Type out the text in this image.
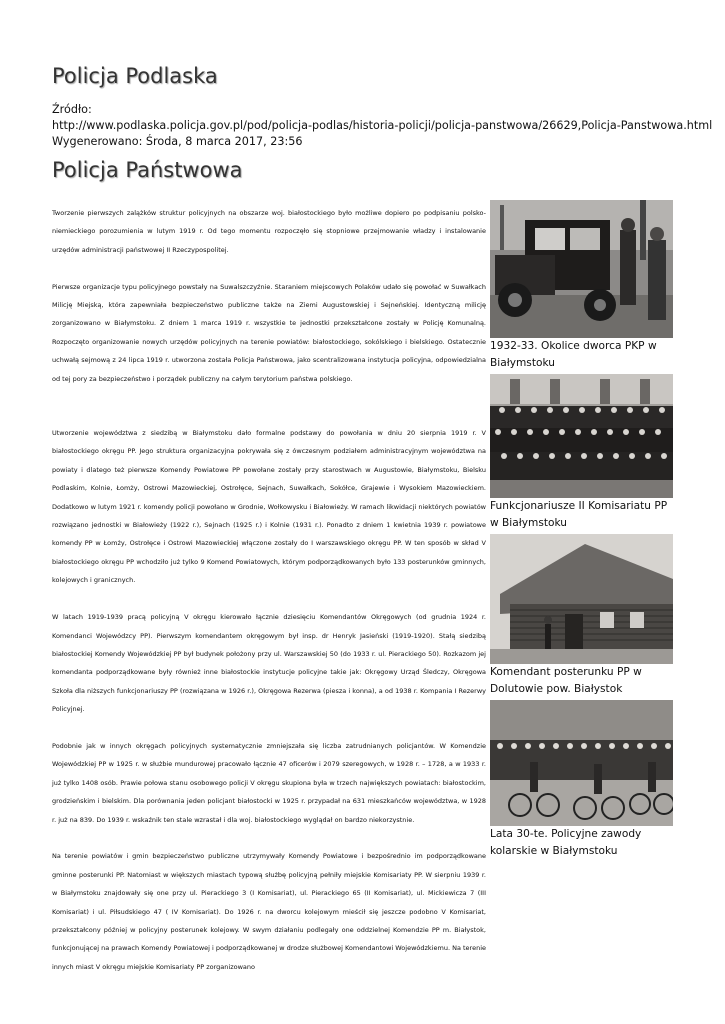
Policja Podlaska
Źródło:
http://www.podlaska.policja.gov.pl/pod/policja-podlas/historia-policji/policja-panstwowa/26629,Policja-Panstwowa.html
Wygenerowano: Środa, 8 marca 2017, 23:56
Policja Państwowa

Tworzenie pierwszych zalążków struktur policyjnych na obszarze woj. białostockiego było możliwe dopiero po podpisaniu polsko-niemieckiego porozumienia w lutym 1919 r. Od tego momentu rozpoczęło się stopniowe przejmowanie władzy i instalowanie urzędów administracji państwowej II Rzeczypospolitej.

Pierwsze organizacje typu policyjnego powstały na Suwalszczyźnie. Staraniem miejscowych Polaków udało się powołać w Suwałkach Milicję Miejską, która zapewniała bezpieczeństwo publiczne także na Ziemi Augustowskiej i Sejneńskiej. Identyczną milicję zorganizowano w Białymstoku. Z dniem 1 marca 1919 r. wszystkie te jednostki przekształcone zostały w Policję Komunalną. Rozpoczęto organizowanie nowych urzędów policyjnych na terenie powiatów: białostockiego, sokólskiego i bielskiego. Ostatecznie uchwałą sejmową z 24 lipca 1919 r. utworzona została Policja Państwowa, jako scentralizowana instytucja policyjna, odpowiedzialna od tej pory za bezpieczeństwo i porządek publiczny na całym terytorium państwa polskiego.

Utworzenie województwa z siedzibą w Białymstoku dało formalne podstawy do powołania w dniu 20 sierpnia 1919 r. V białostockiego okręgu PP. Jego struktura organizacyjna pokrywała się z ówczesnym podziałem administracyjnym województwa na powiaty i dlatego też pierwsze Komendy Powiatowe PP powołane zostały przy starostwach w Augustowie, Białymstoku, Bielsku Podlaskim, Kolnie, Łomży, Ostrowi Mazowieckiej, Ostrołęce, Sejnach, Suwałkach, Sokółce, Grajewie i Wysokiem Mazowieckiem. Dodatkowo w lutym 1921 r. komendy policji powołano w Grodnie, Wołkowysku i Białowieży. W ramach likwidacji niektórych powiatów rozwiązano jednostki w Białowieży (1922 r.), Sejnach (1925 r.) i Kolnie (1931 r.). Ponadto z dniem 1 kwietnia 1939 r. powiatowe komendy PP w Łomży, Ostrołęce i Ostrowi Mazowieckiej włączone zostały do I warszawskiego okręgu PP. W ten sposób w skład V białostockiego okręgu PP wchodziło już tylko 9 Komend Powiatowych, którym podporządkowanych było 133 posterunków gminnych, kolejowych i granicznych.

W latach 1919-1939 pracą policyjną V okręgu kierowało łącznie dziesięciu Komendantów Okręgowych (od grudnia 1924 r. Komendanci Wojewódzcy PP). Pierwszym komendantem okręgowym był insp. dr Henryk Jasieński (1919-1920). Stałą siedzibą białostockiej Komendy Wojewódzkiej PP był budynek położony przy ul. Warszawskiej 50 (do 1933 r. ul. Pierackiego 50). Rozkazom jej komendanta podporządkowane były również inne białostockie instytucje policyjne takie jak: Okręgowy Urząd Śledczy, Okręgowa Szkoła dla niższych funkcjonariuszy PP (rozwiązana w 1926 r.), Okręgowa Rezerwa (piesza i konna), a od 1938 r. Kompania I Rezerwy Policyjnej.

Podobnie jak w innych okręgach policyjnych systematycznie zmniejszała się liczba zatrudnianych policjantów. W Komendzie Wojewódzkiej PP w 1925 r. w służbie mundurowej pracowało łącznie 47 oficerów i 2079 szeregowych, w 1928 r. – 1728, a w 1933 r. już tylko 1408 osób. Prawie połowa stanu osobowego policji V okręgu skupiona była w trzech największych powiatach: białostockim, grodzieńskim i bielskim. Dla porównania jeden policjant białostocki w 1925 r. przypadał na 631 mieszkańców województwa, w 1928 r. już na 839. Do 1939 r. wskaźnik ten stale wzrastał i dla woj. białostockiego wyglądał on bardzo niekorzystnie.

Na terenie powiatów i gmin bezpieczeństwo publiczne utrzymywały Komendy Powiatowe i bezpośrednio im podporządkowane gminne posterunki PP. Natomiast w większych miastach typową służbę policyjną pełniły miejskie Komisariaty PP. W sierpniu 1939 r. w Białymstoku znajdowały się one przy ul. Pierackiego 3 (I Komisariat), ul. Pierackiego 65 (II Komisariat), ul. Mickiewicza 7 (III Komisariat) i ul. Piłsudskiego 47 ( IV Komisariat). Do 1926 r. na dworcu kolejowym mieścił się jeszcze podobno V Komisariat, przekształcony później w policyjny posterunek kolejowy. W swym działaniu podlegały one oddzielnej Komendzie PP m. Białystok, funkcjonującej na prawach Komendy Powiatowej i podporządkowanej w drodze służbowej Komendantowi Wojewódzkiemu. Na terenie innych miast V okręgu miejskie Komisariaty PP zorganizowano

1932-33. Okolice dworca PKP w Białymstoku

Funkcjonariusze II Komisariatu PP w Białymstoku

Komendant posterunku PP w Dolutowie pow. Białystok

Lata 30-te. Policyjne zawody kolarskie w Białymstoku
